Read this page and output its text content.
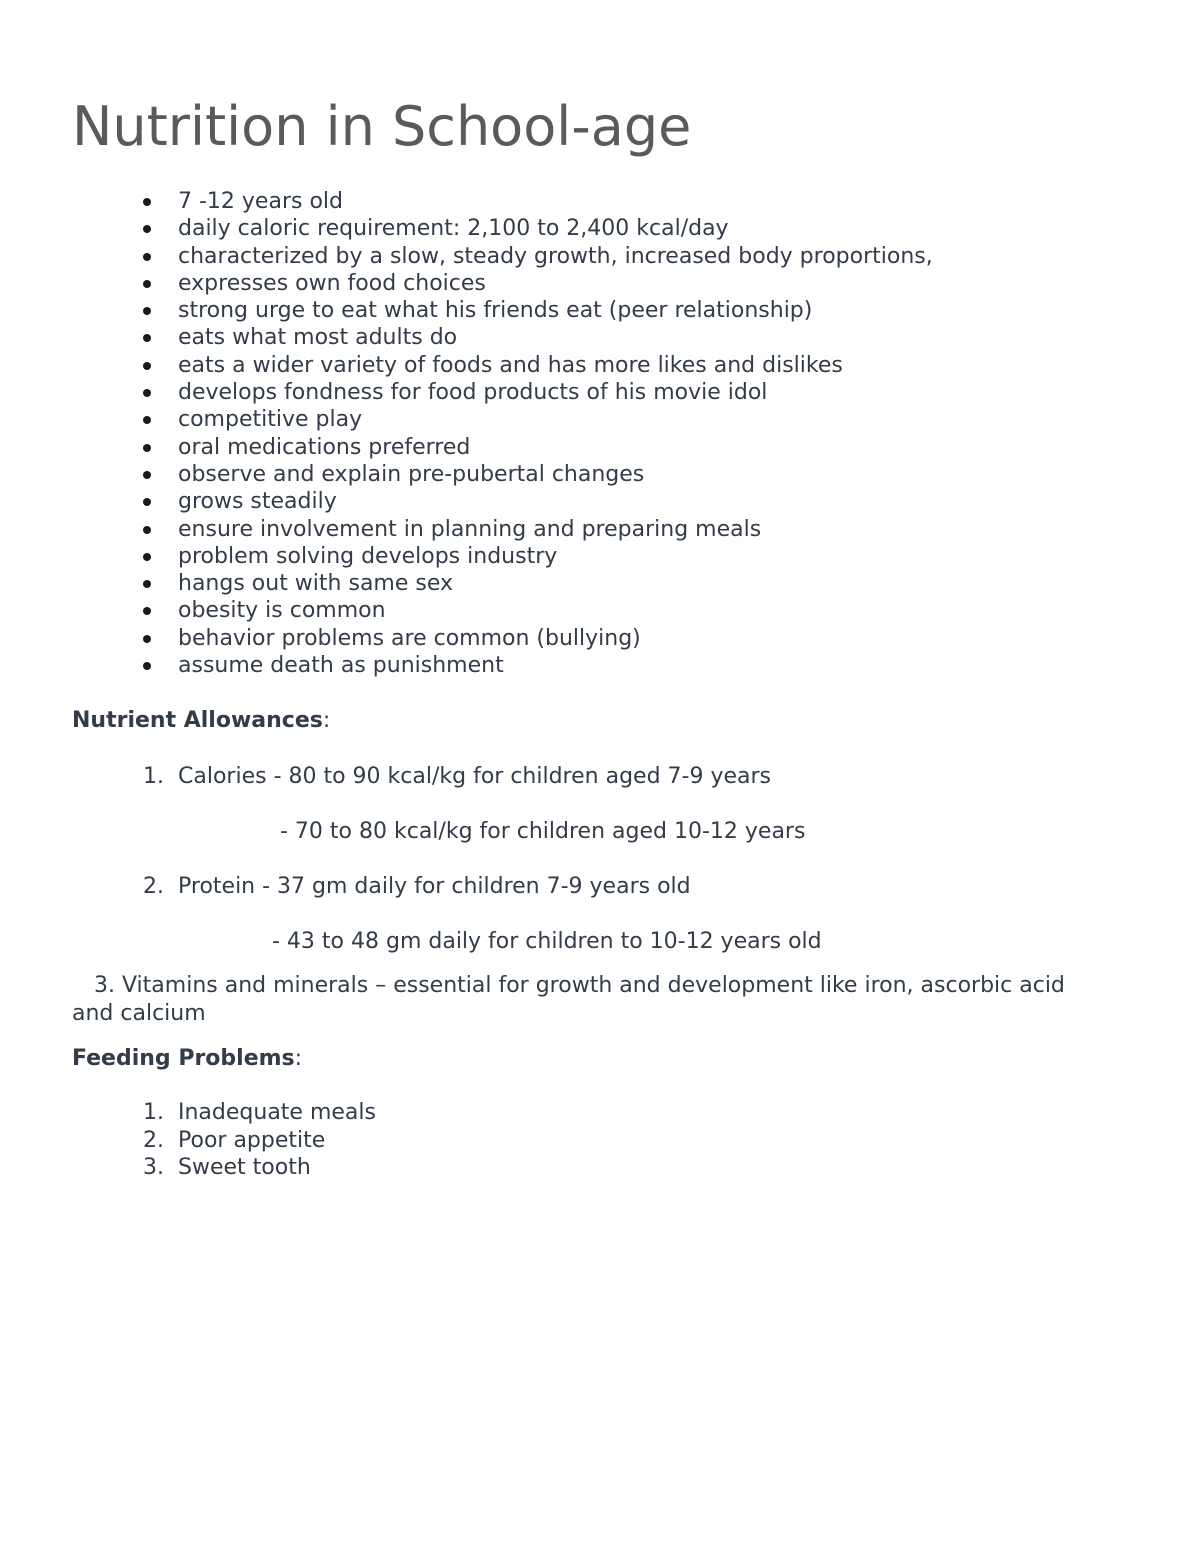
Nutrition in School-age
7 -12 years old
daily caloric requirement: 2,100 to 2,400 kcal/day
characterized by a slow, steady growth, increased body proportions,
expresses own food choices
strong urge to eat what his friends eat (peer relationship)
eats what most adults do
eats a wider variety of foods and has more likes and dislikes
develops fondness for food products of his movie idol
competitive play
oral medications preferred
observe and explain pre-pubertal changes
grows steadily
ensure involvement in planning and preparing meals
problem solving develops industry
hangs out with same sex
obesity is common
behavior problems are common (bullying)
assume death as punishment

Nutrient Allowances:

1. Calories - 80 to 90 kcal/kg for children aged 7-9 years

- 70 to 80 kcal/kg for children aged 10-12 years

2. Protein - 37 gm daily for children 7-9 years old

- 43 to 48 gm daily for children to 10-12 years old

3. Vitamins and minerals – essential for growth and development like iron, ascorbic acid and calcium

Feeding Problems:

1. Inadequate meals

2. Poor appetite

3. Sweet tooth
